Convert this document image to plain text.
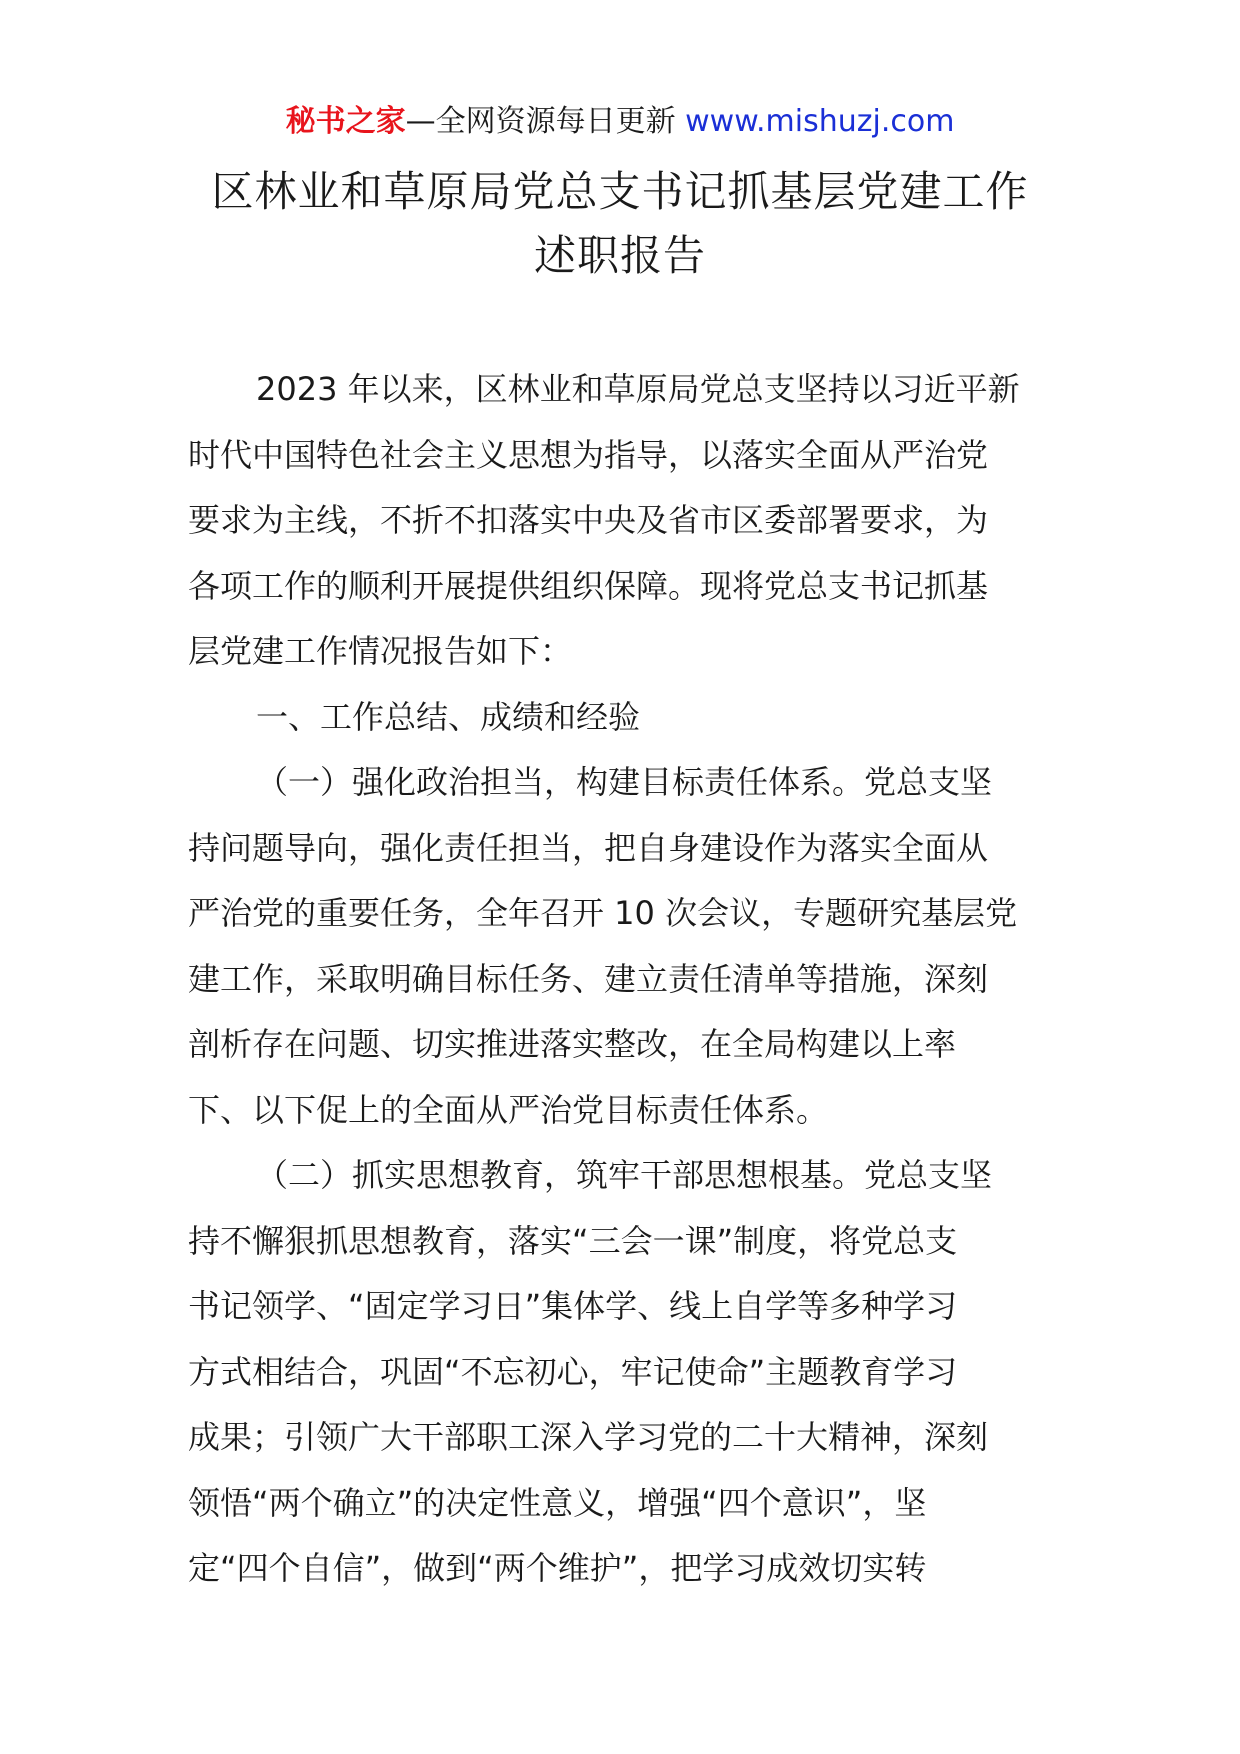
秘书之家—全网资源每日更新 www.mishuzj.com
区林业和草原局党总支书记抓基层党建工作
述职报告
2023 年以来，区林业和草原局党总支坚持以习近平新
时代中国特色社会主义思想为指导，以落实全面从严治党
要求为主线，不折不扣落实中央及省市区委部署要求，为
各项工作的顺利开展提供组织保障。现将党总支书记抓基
层党建工作情况报告如下：
一、工作总结、成绩和经验
（一）强化政治担当，构建目标责任体系。党总支坚
持问题导向，强化责任担当，把自身建设作为落实全面从
严治党的重要任务，全年召开 10 次会议，专题研究基层党
建工作，采取明确目标任务、建立责任清单等措施，深刻
剖析存在问题、切实推进落实整改，在全局构建以上率
下、以下促上的全面从严治党目标责任体系。
（二）抓实思想教育，筑牢干部思想根基。党总支坚
持不懈狠抓思想教育，落实“三会一课”制度，将党总支
书记领学、“固定学习日”集体学、线上自学等多种学习
方式相结合，巩固“不忘初心，牢记使命”主题教育学习
成果；引领广大干部职工深入学习党的二十大精神，深刻
领悟“两个确立”的决定性意义，增强“四个意识”，坚
定“四个自信”，做到“两个维护”，把学习成效切实转
